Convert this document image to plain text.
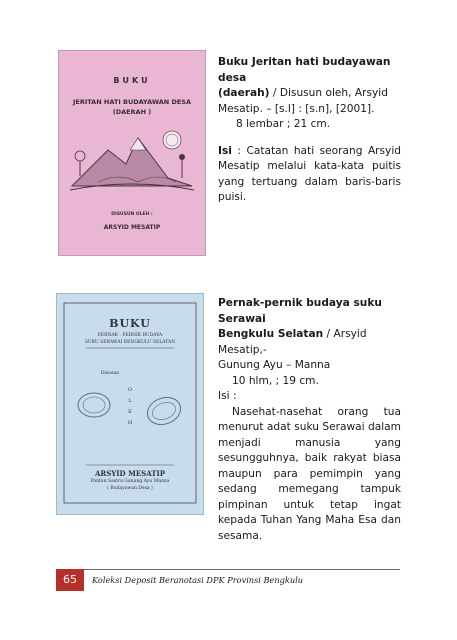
BUKU
JERITAN HATI BUDAYAWAN DESA
(DAERAH )
DISUSUN OLEH :
ARSYID MESATIP

Buku Jeritan hati budayawan desa
(daerah) / Disusun oleh, Arsyid
Mesatip. – [s.l] : [s.n], [2001].

8 lembar ; 21 cm.

Isi : Catatan hati seorang Arsyid Mesatip melalui kata-kata puitis yang tertuang dalam baris-baris puisi.

BUKU
PERNAK - PERNIK BUDAYA
SUKU SERAWAI BENGKULU SELATAN
Disusun
O
L
E
H
ARSYID MESATIP
Pantun Sastra Gunung Ayu Manna
( Budayawan Desa )

Pernak-pernik budaya suku Serawai
Bengkulu Selatan / Arsyid Mesatip,-
Gunung Ayu – Manna

10 hlm, ; 19 cm.

Isi :

Nasehat-nasehat orang tua menurut adat suku Serawai dalam menjadi manusia yang sesungguhnya, baik rakyat biasa maupun para pemimpin yang sedang memegang tampuk pimpinan untuk tetap ingat kepada Tuhan Yang Maha Esa dan sesama.

65	Koleksi Deposit Beranotasi DPK Provinsi Bengkulu
